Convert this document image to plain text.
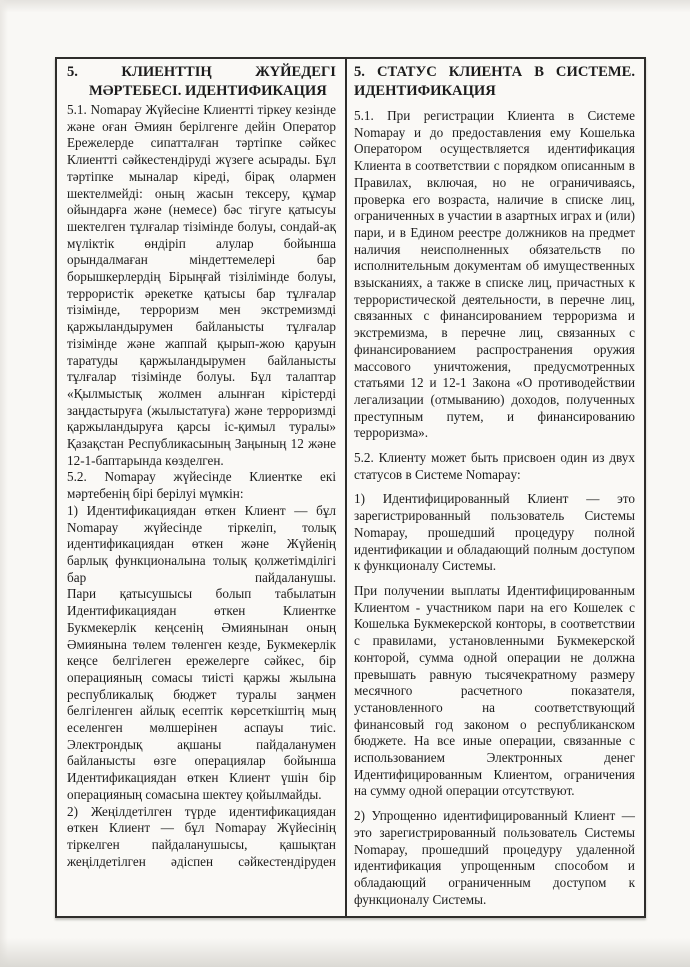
5. КЛИЕНТТІҢ ЖҮЙЕДЕГІ МӘРТЕБЕСІ. ИДЕНТИФИКАЦИЯ

5.1. Nomapay Жүйесіне Клиентті тіркеу кезінде және оған Әмиян берілгенге дейін Оператор Ережелерде сипатталған тәртіпке сәйкес Клиентті сәйкестендіруді жүзеге асырады. Бұл тәртіпке мыналар кіреді, бірақ олармен шектелмейді: оның жасын тексеру, құмар ойындарға және (немесе) бәс тігуге қатысуы шектелген тұлғалар тізімінде болуы, сондай-ақ мүліктік өндіріп алулар бойынша орындалмаған міндеттемелері бар борышкерлердің Бірыңғай тізілімінде болуы, террористік әрекетке қатысы бар тұлғалар тізімінде, терроризм мен экстремизмді қаржыландырумен байланысты тұлғалар тізімінде және жаппай қырып-жою қаруын таратуды қаржыландырумен байланысты тұлғалар тізімінде болуы. Бұл талаптар «Қылмыстық жолмен алынған кірістерді заңдастыруға (жылыстатуға) және терроризмді қаржыландыруға қарсы іс-қимыл туралы» Қазақстан Республикасының Заңының 12 және 12-1-баптарында көзделген.

5.2. Nomapay жүйесінде Клиентке екі мәртебенің бірі берілуі мүмкін:

1) Идентификациядан өткен Клиент — бұл Nomapay жүйесінде тіркеліп, толық идентификациядан өткен және Жүйенің барлық функционалына толық қолжетімділігі бар пайдаланушы.

Пари қатысушысы болып табылатын Идентификациядан өткен Клиентке Букмекерлік кеңсенің Әмиянынан оның Әмиянына төлем төленген кезде, Букмекерлік кеңсе белгілеген ережелерге сәйкес, бір операцияның сомасы тиісті қаржы жылына республикалық бюджет туралы заңмен белгіленген айлық есептік көрсеткіштің мың еселенген мөлшерінен аспауы тиіс.

Электрондық ақшаны пайдаланумен байланысты өзге операциялар бойынша Идентификациядан өткен Клиент үшін бір операцияның сомасына шектеу қойылмайды.

2) Жеңілдетілген түрде идентификациядан өткен Клиент — бұл Nomapay Жүйесінің тіркелген пайдаланушысы, қашықтан жеңілдетілген әдіспен сәйкестендіруден

5. СТАТУС КЛИЕНТА В СИСТЕМЕ. ИДЕНТИФИКАЦИЯ

5.1. При регистрации Клиента в Системе Nomapay и до предоставления ему Кошелька Оператором осуществляется идентификация Клиента в соответствии с порядком описанным в Правилах, включая, но не ограничиваясь, проверка его возраста, наличие в списке лиц, ограниченных в участии в азартных играх и (или) пари, и в Едином реестре должников на предмет наличия неисполненных обязательств по исполнительным документам об имущественных взысканиях, а также в списке лиц, причастных к террористической деятельности, в перечне лиц, связанных с финансированием терроризма и экстремизма, в перечне лиц, связанных с финансированием распространения оружия массового уничтожения, предусмотренных статьями 12 и 12-1 Закона «О противодействии легализации (отмыванию) доходов, полученных преступным путем, и финансированию терроризма».

5.2. Клиенту может быть присвоен один из двух статусов в Системе Nomapay:

1) Идентифицированный Клиент — это зарегистрированный пользователь Системы Nomapay, прошедший процедуру полной идентификации и обладающий полным доступом к функционалу Системы.

При получении выплаты Идентифицированным Клиентом - участником пари на его Кошелек с Кошелька Букмекерской конторы, в соответствии с правилами, установленными Букмекерской конторой, сумма одной операции не должна превышать равную тысячекратному размеру месячного расчетного показателя, установленного на соответствующий финансовый год законом о республиканском бюджете. На все иные операции, связанные с использованием Электронных денег Идентифицированным Клиентом, ограничения на сумму одной операции отсутствуют.

2) Упрощенно идентифицированный Клиент — это зарегистрированный пользователь Системы Nomapay, прошедший процедуру удаленной идентификация упрощенным способом и обладающий ограниченным доступом к функционалу Системы.
